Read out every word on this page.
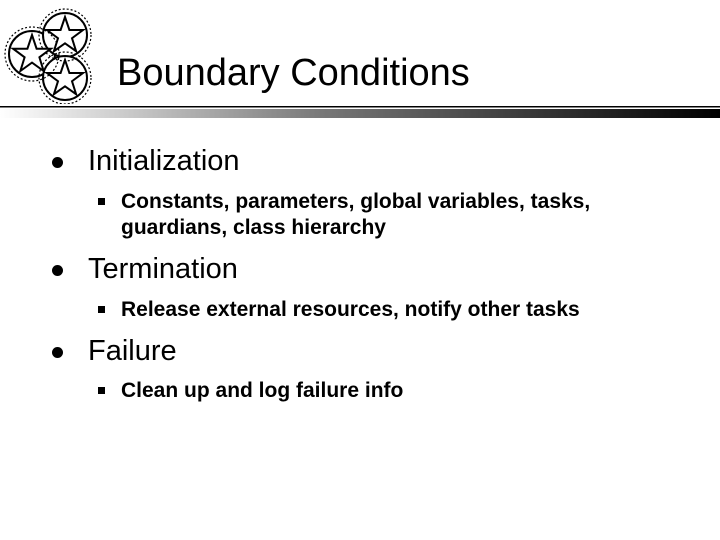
Boundary Conditions
Initialization
Constants, parameters, global variables, tasks, guardians, class hierarchy
Termination
Release external resources, notify other tasks
Failure
Clean up and log failure info
